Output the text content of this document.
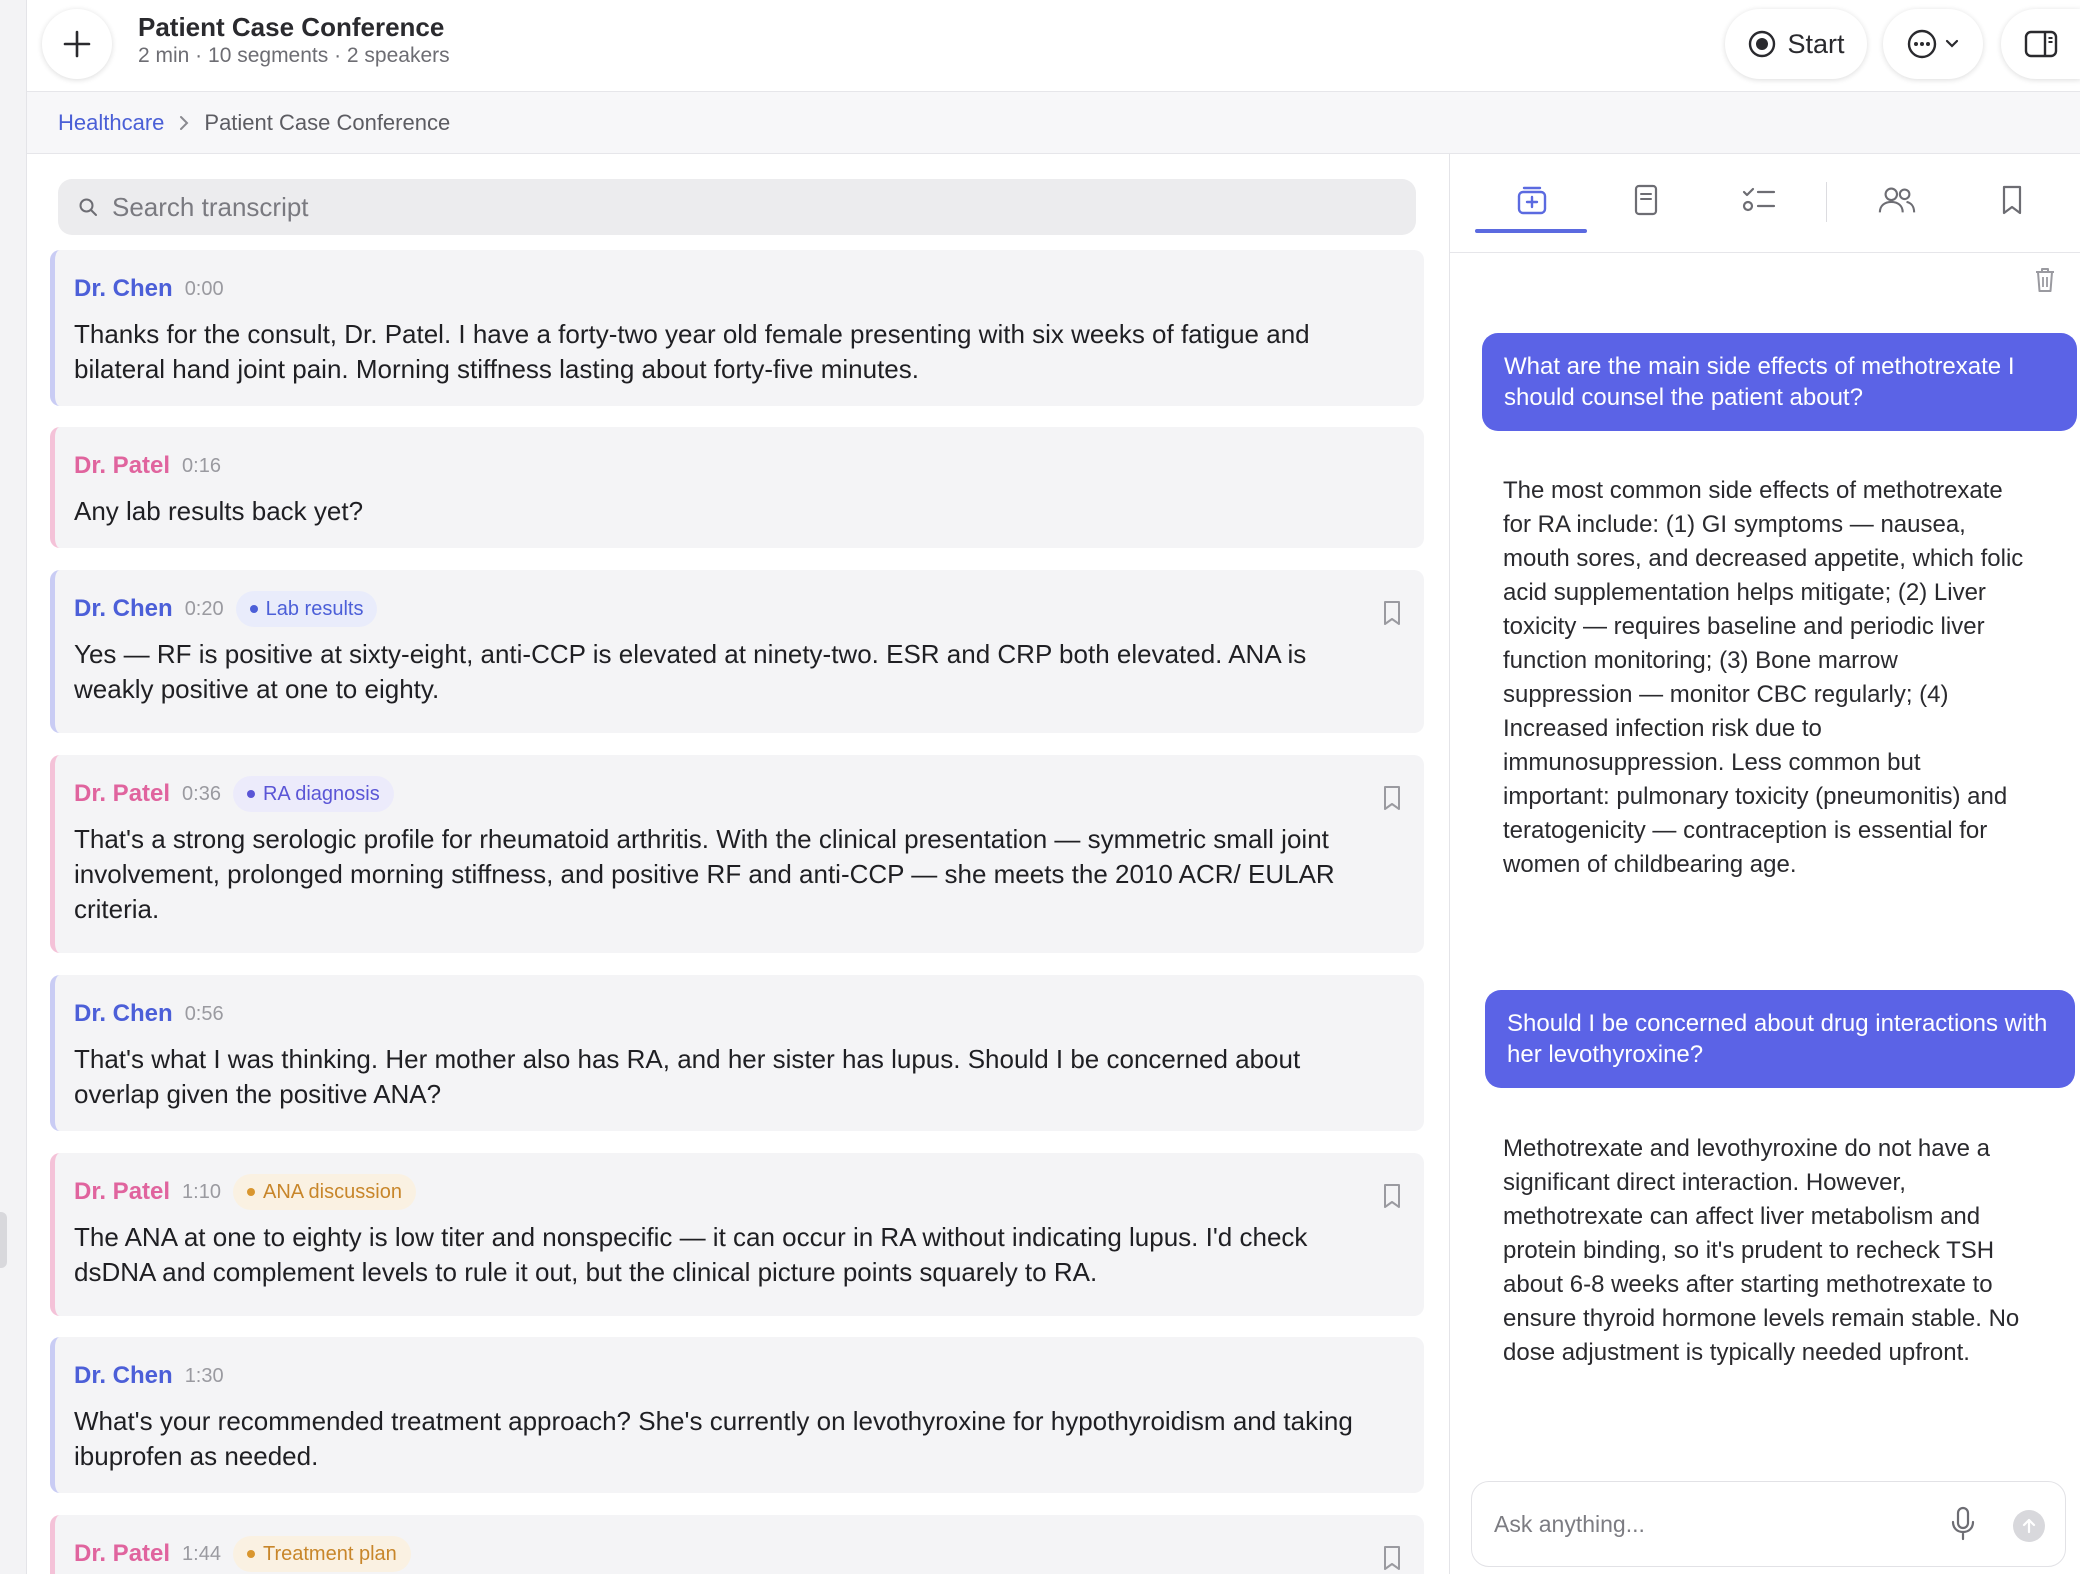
Patient Case Conference
2 min · 10 segments · 2 speakers	Start
Healthcare Patient Case Conference
Search transcript
Dr. Chen 0:00
Thanks for the consult, Dr. Patel. I have a forty-two year old female presenting with six weeks of fatigue and bilateral hand joint pain. Morning stiffness lasting about forty-five minutes.
Dr. Patel 0:16
Any lab results back yet?
Dr. Chen 0:20 Lab results
Yes — RF is positive at sixty-eight, anti-CCP is elevated at ninety-two. ESR and CRP both elevated. ANA is weakly positive at one to eighty.
Dr. Patel 0:36 RA diagnosis
That's a strong serologic profile for rheumatoid arthritis. With the clinical presentation — symmetric small joint involvement, prolonged morning stiffness, and positive RF and anti-CCP — she meets the 2010 ACR/ EULAR criteria.
Dr. Chen 0:56
That's what I was thinking. Her mother also has RA, and her sister has lupus. Should I be concerned about overlap given the positive ANA?
Dr. Patel 1:10 ANA discussion
The ANA at one to eighty is low titer and nonspecific — it can occur in RA without indicating lupus. I'd check dsDNA and complement levels to rule it out, but the clinical picture points squarely to RA.
Dr. Chen 1:30
What's your recommended treatment approach? She's currently on levothyroxine for hypothyroidism and taking ibuprofen as needed.
Dr. Patel 1:44 Treatment plan
What are the main side effects of methotrexate I should counsel the patient about?
The most common side effects of methotrexate for RA include: (1) GI symptoms — nausea, mouth sores, and decreased appetite, which folic acid supplementation helps mitigate; (2) Liver toxicity — requires baseline and periodic liver function monitoring; (3) Bone marrow suppression — monitor CBC regularly; (4) Increased infection risk due to immunosuppression. Less common but important: pulmonary toxicity (pneumonitis) and teratogenicity — contraception is essential for women of childbearing age.
Should I be concerned about drug interactions with her levothyroxine?
Methotrexate and levothyroxine do not have a significant direct interaction. However, methotrexate can affect liver metabolism and protein binding, so it's prudent to recheck TSH about 6-8 weeks after starting methotrexate to ensure thyroid hormone levels remain stable. No dose adjustment is typically needed upfront.
Ask anything...
